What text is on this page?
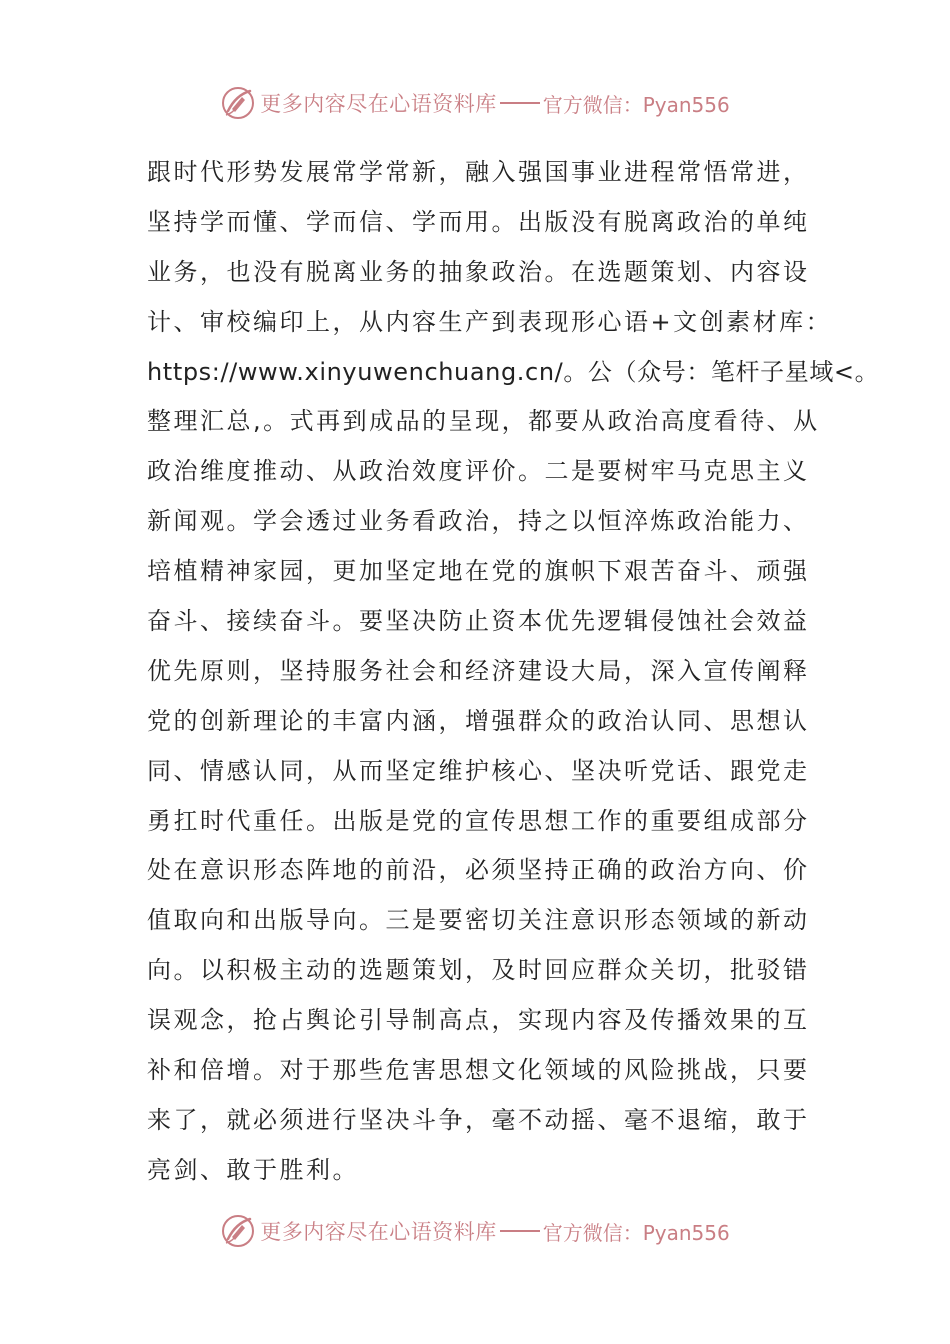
更多内容尽在心语资料库 官方微信：Pyan556
跟时代形势发展常学常新，融入强国事业进程常悟常进，
坚持学而懂、学而信、学而用。出版没有脱离政治的单纯
业务，也没有脱离业务的抽象政治。在选题策划、内容设
计、审校编印上，从内容生产到表现形心语+文创素材库：
https://www.xinyuwenchuang.cn/。公（众号：笔杆子星域<。
整理汇总,。式再到成品的呈现，都要从政治高度看待、从
政治维度推动、从政治效度评价。二是要树牢马克思主义
新闻观。学会透过业务看政治，持之以恒淬炼政治能力、
培植精神家园，更加坚定地在党的旗帜下艰苦奋斗、顽强
奋斗、接续奋斗。要坚决防止资本优先逻辑侵蚀社会效益
优先原则，坚持服务社会和经济建设大局，深入宣传阐释
党的创新理论的丰富内涵，增强群众的政治认同、思想认
同、情感认同，从而坚定维护核心、坚决听党话、跟党走
勇扛时代重任。出版是党的宣传思想工作的重要组成部分
处在意识形态阵地的前沿，必须坚持正确的政治方向、价
值取向和出版导向。三是要密切关注意识形态领域的新动
向。以积极主动的选题策划，及时回应群众关切，批驳错
误观念，抢占舆论引导制高点，实现内容及传播效果的互
补和倍增。对于那些危害思想文化领域的风险挑战，只要
来了，就必须进行坚决斗争，毫不动摇、毫不退缩，敢于
亮剑、敢于胜利。
更多内容尽在心语资料库 官方微信：Pyan556
